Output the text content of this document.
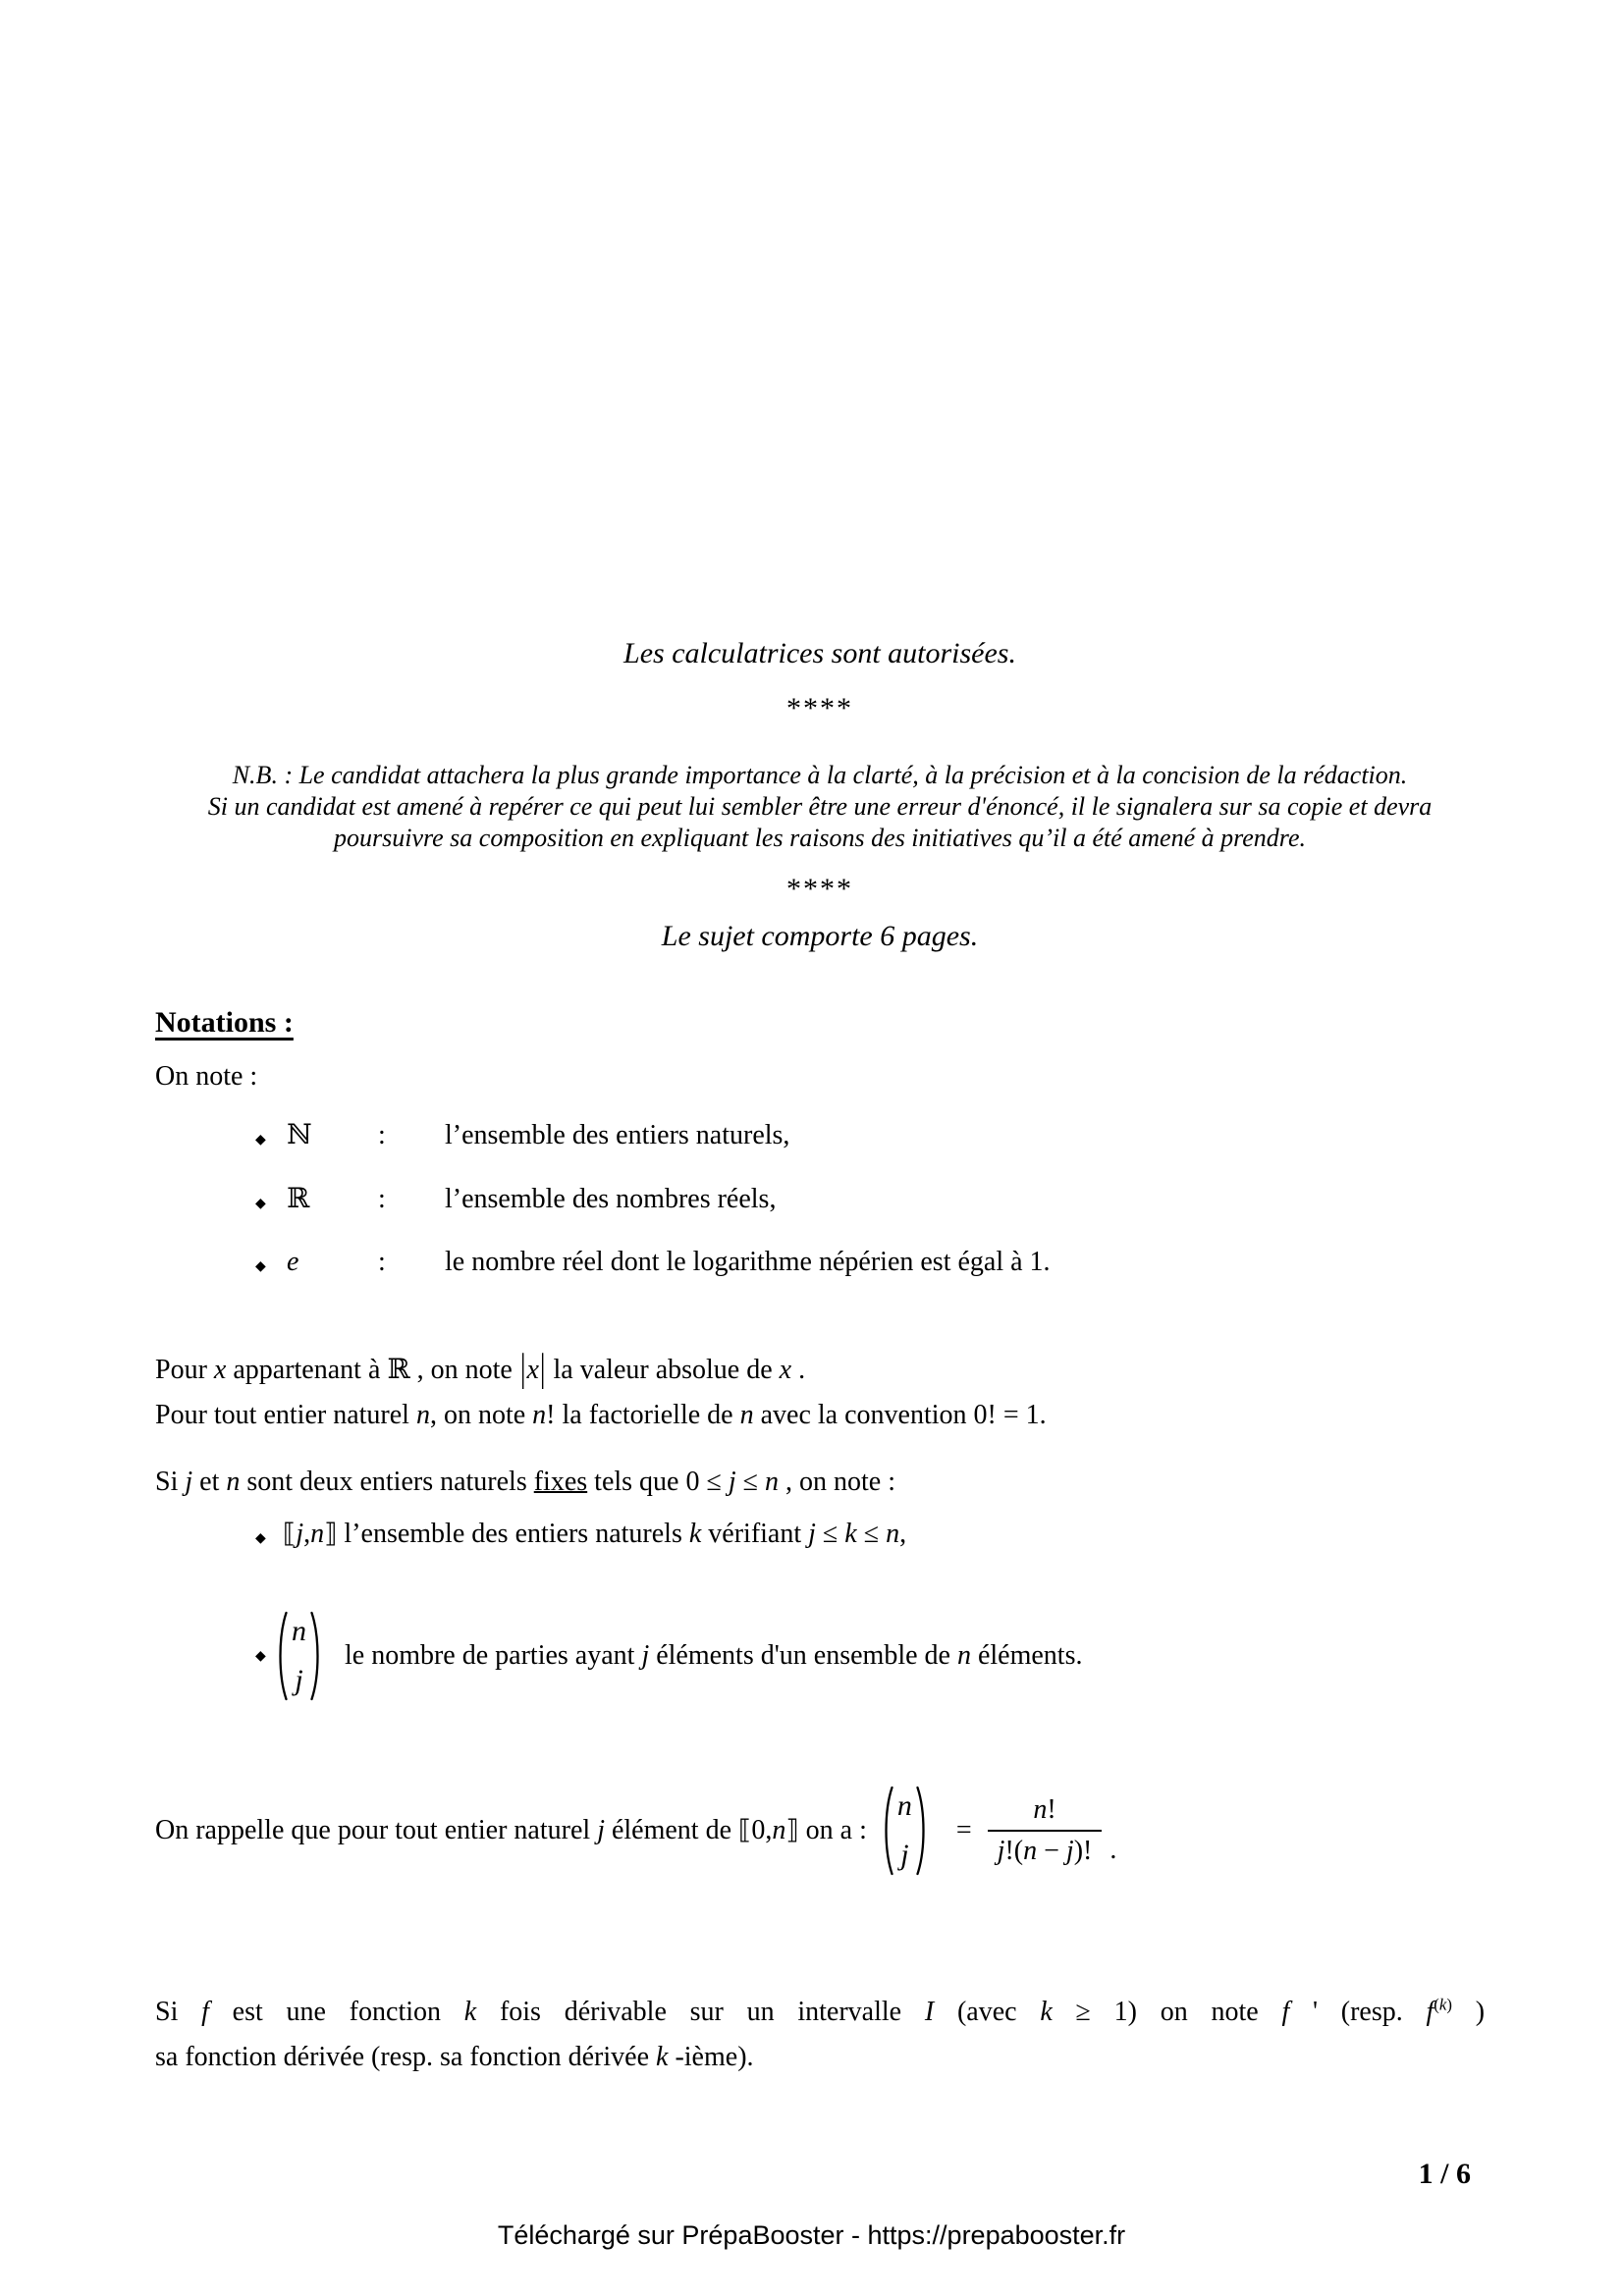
Les calculatrices sont autorisées.
****
N.B. : Le candidat attachera la plus grande importance à la clarté, à la précision et à la concision de la rédaction.
Si un candidat est amené à repérer ce qui peut lui sembler être une erreur d'énoncé, il le signalera sur sa copie et devra
poursuivre sa composition en expliquant les raisons des initiatives qu’il a été amené à prendre.
****
Le sujet comporte 6 pages.
Notations :
On note :
◆ ℕ	:	l’ensemble des entiers naturels,
◆ ℝ	:	l’ensemble des nombres réels,
◆ e	:	le nombre réel dont le logarithme népérien est égal à 1.
Pour x appartenant à ℝ , on note |x| la valeur absolue de x .
Pour tout entier naturel n, on note n! la factorielle de n avec la convention 0! = 1.
Si j et n sont deux entiers naturels fixes tels que 0 ≤ j ≤ n , on note :
◆ ⟦j,n⟧ l’ensemble des entiers naturels k vérifiant j ≤ k ≤ n,
◆
n
j
le nombre de parties ayant j éléments d'un ensemble de n éléments.
On rappelle que pour tout entier naturel j élément de ⟦0,n⟧ on a :
n
j
= $\frac{n!}{j!(n - j)!}$ .
Si f est une fonction k fois dérivable sur un intervalle I (avec k ≥ 1) on note f ' (resp. $f^{(k)}$ )
sa fonction dérivée (resp. sa fonction dérivée k -ième).
1 / 6
Téléchargé sur PrépaBooster - https://prepabooster.fr
